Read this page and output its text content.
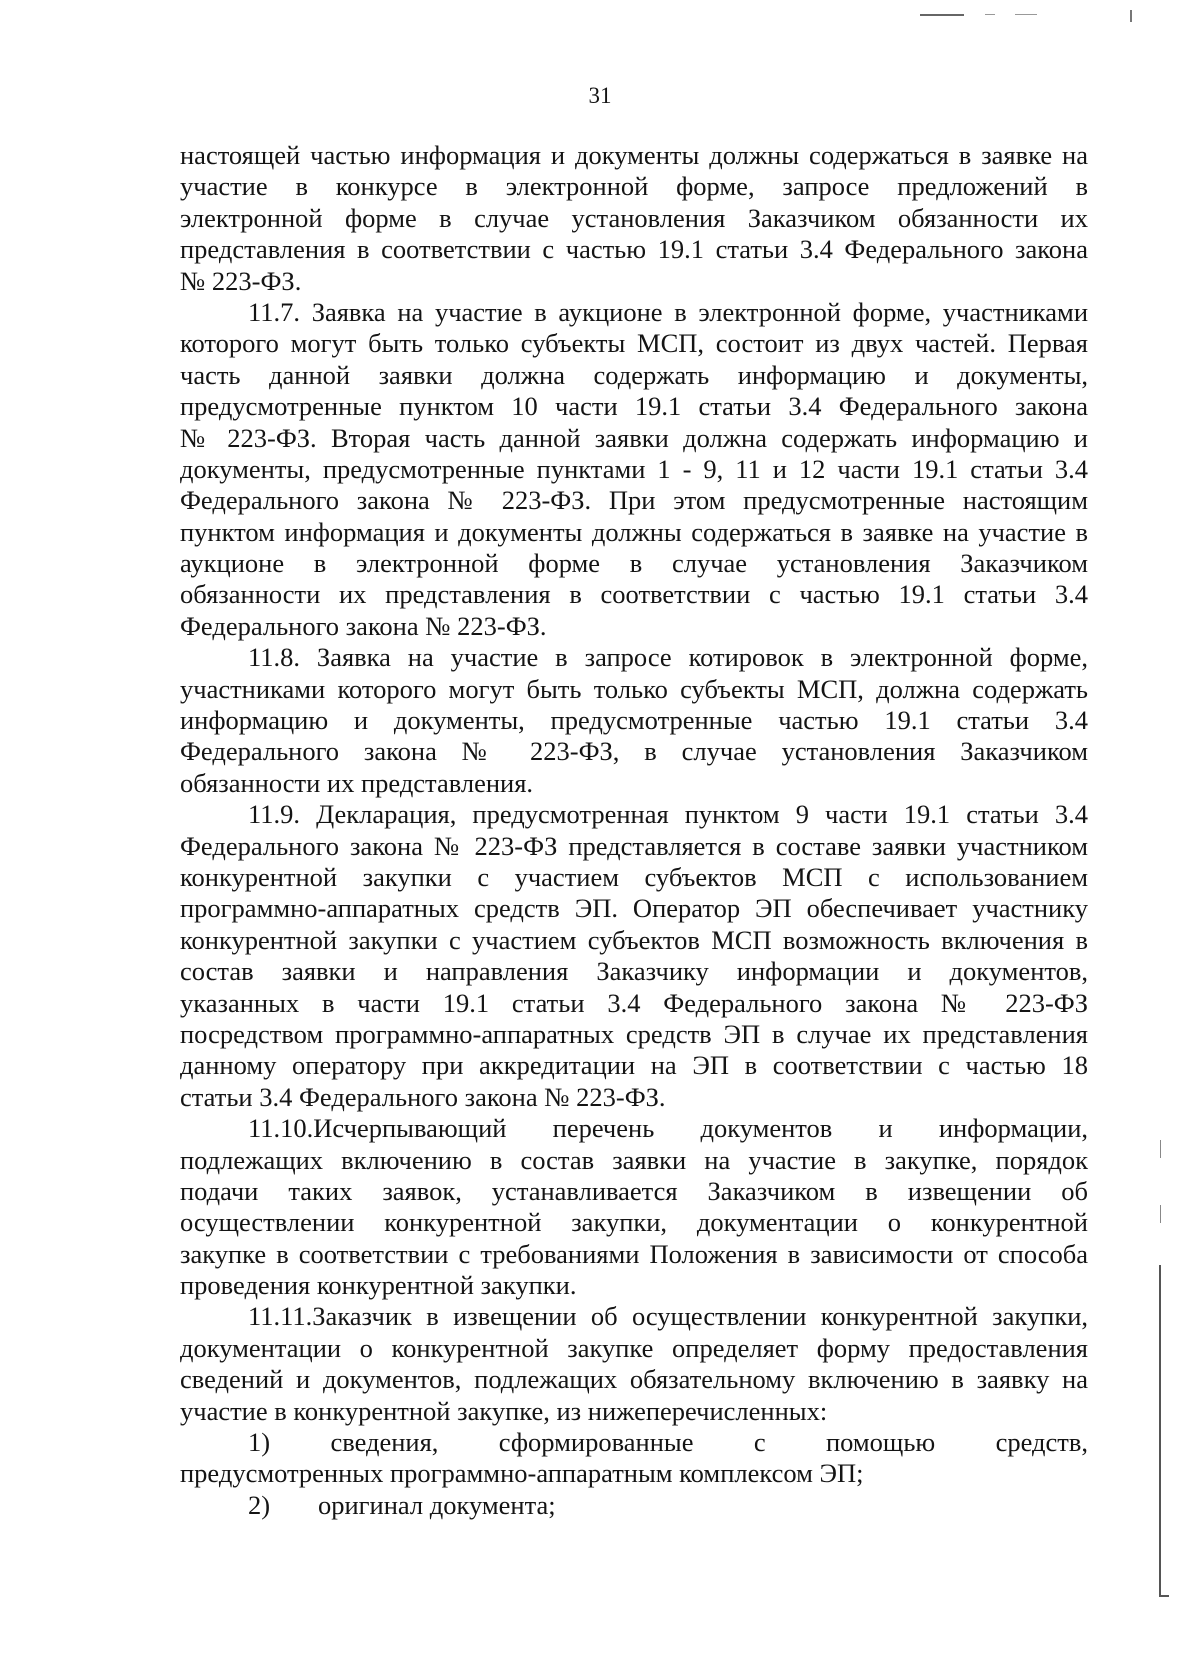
31
настоящей частью информация и документы должны содержаться в заявке на
участие в конкурсе в электронной форме, запросе предложений в
электронной форме в случае установления Заказчиком обязанности их
представления в соответствии с частью 19.1 статьи 3.4 Федерального закона
№ 223-ФЗ.
11.7. Заявка на участие в аукционе в электронной форме, участниками
которого могут быть только субъекты МСП, состоит из двух частей. Первая
часть данной заявки должна содержать информацию и документы,
предусмотренные пунктом 10 части 19.1 статьи 3.4 Федерального закона
№ 223-ФЗ. Вторая часть данной заявки должна содержать информацию и
документы, предусмотренные пунктами 1 - 9, 11 и 12 части 19.1 статьи 3.4
Федерального закона № 223-ФЗ. При этом предусмотренные настоящим
пунктом информация и документы должны содержаться в заявке на участие в
аукционе в электронной форме в случае установления Заказчиком
обязанности их представления в соответствии с частью 19.1 статьи 3.4
Федерального закона № 223-ФЗ.
11.8. Заявка на участие в запросе котировок в электронной форме,
участниками которого могут быть только субъекты МСП, должна содержать
информацию и документы, предусмотренные частью 19.1 статьи 3.4
Федерального закона № 223-ФЗ, в случае установления Заказчиком
обязанности их представления.
11.9. Декларация, предусмотренная пунктом 9 части 19.1 статьи 3.4
Федерального закона № 223-ФЗ представляется в составе заявки участником
конкурентной закупки с участием субъектов МСП с использованием
программно-аппаратных средств ЭП. Оператор ЭП обеспечивает участнику
конкурентной закупки с участием субъектов МСП возможность включения в
состав заявки и направления Заказчику информации и документов,
указанных в части 19.1 статьи 3.4 Федерального закона № 223-ФЗ
посредством программно-аппаратных средств ЭП в случае их представления
данному оператору при аккредитации на ЭП в соответствии с частью 18
статьи 3.4 Федерального закона № 223-ФЗ.
11.10.Исчерпывающий перечень документов и информации,
подлежащих включению в состав заявки на участие в закупке, порядок
подачи таких заявок, устанавливается Заказчиком в извещении об
осуществлении конкурентной закупки, документации о конкурентной
закупке в соответствии с требованиями Положения в зависимости от способа
проведения конкурентной закупки.
11.11.Заказчик в извещении об осуществлении конкурентной закупки,
документации о конкурентной закупке определяет форму предоставления
сведений и документов, подлежащих обязательному включению в заявку на
участие в конкурентной закупке, из нижеперечисленных:
1) сведения, сформированные с помощью средств,
предусмотренных программно-аппаратным комплексом ЭП;
2) оригинал документа;
